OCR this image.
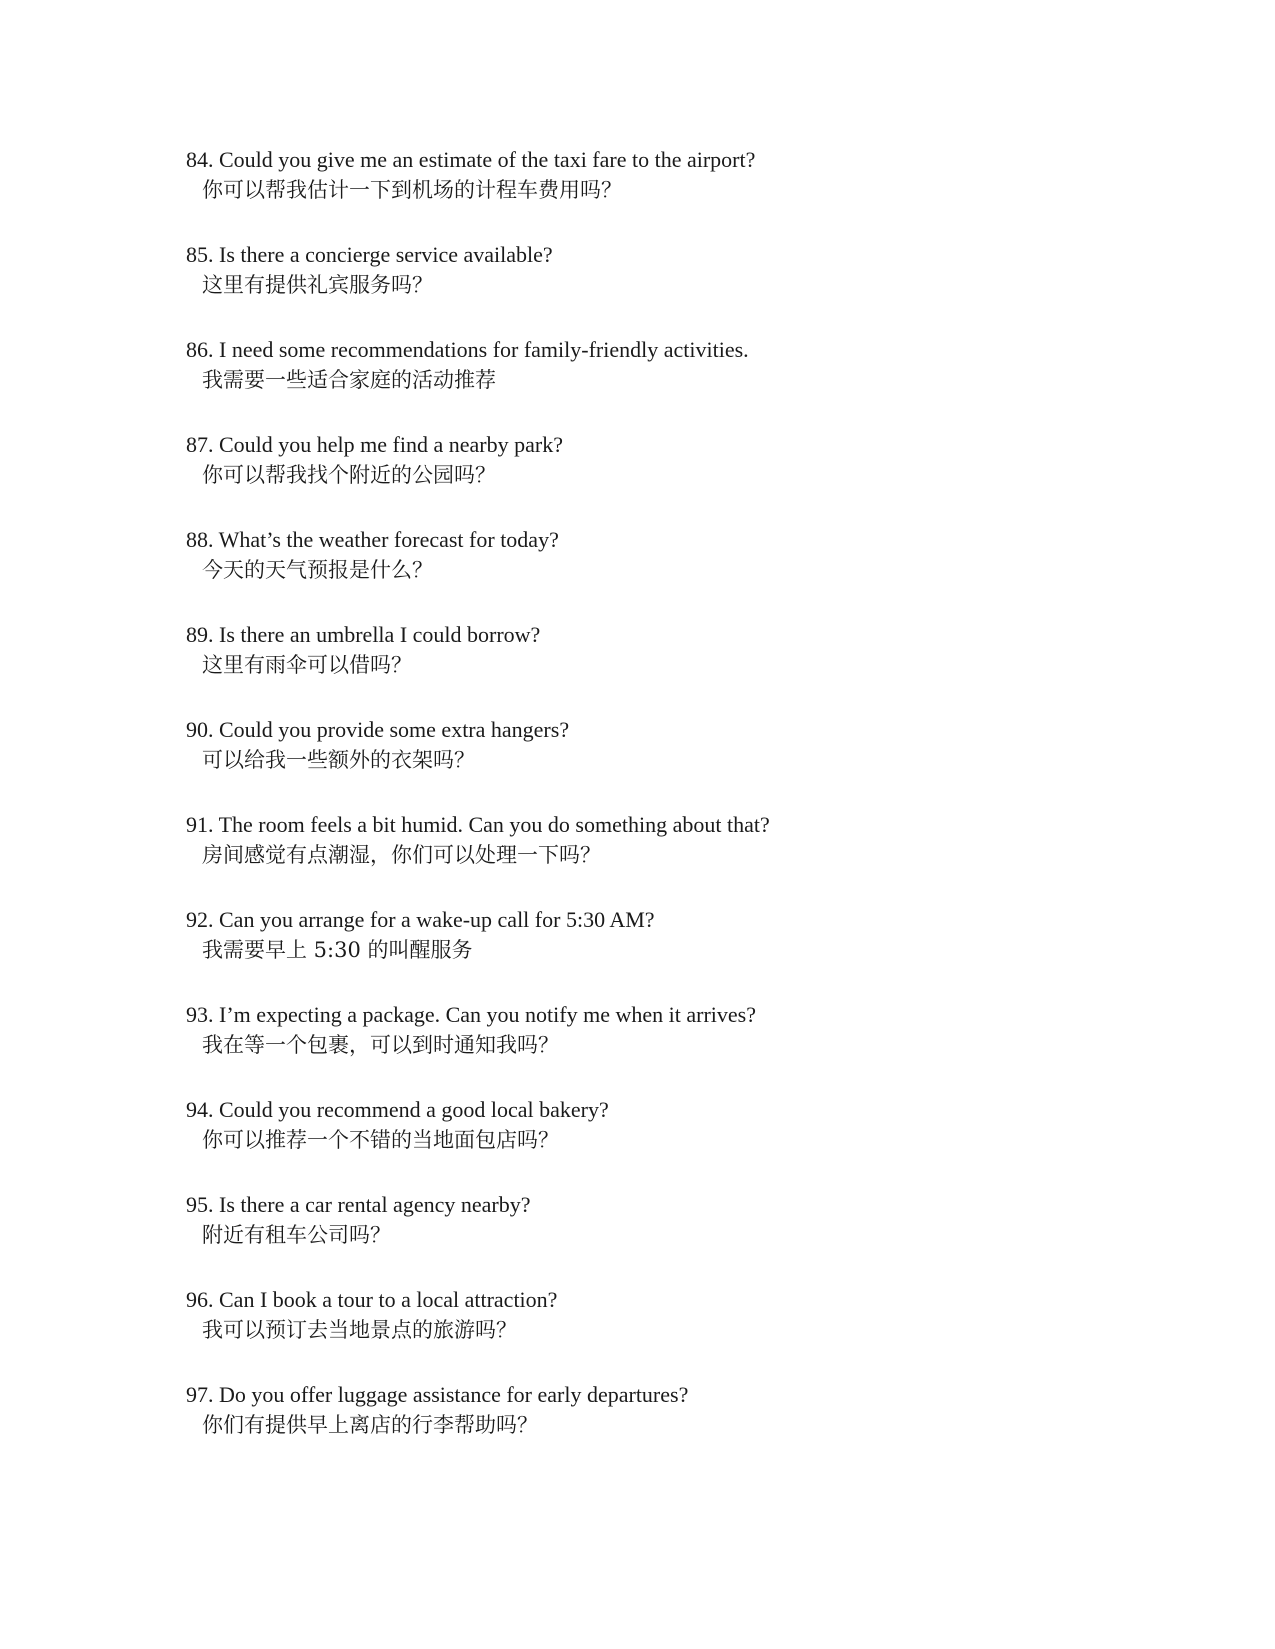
84. Could you give me an estimate of the taxi fare to the airport?
你可以帮我估计一下到机场的计程车费用吗？
85. Is there a concierge service available?
这里有提供礼宾服务吗？
86. I need some recommendations for family-friendly activities.
我需要一些适合家庭的活动推荐
87. Could you help me find a nearby park?
你可以帮我找个附近的公园吗？
88. What’s the weather forecast for today?
今天的天气预报是什么？
89. Is there an umbrella I could borrow?
这里有雨伞可以借吗？
90. Could you provide some extra hangers?
可以给我一些额外的衣架吗？
91. The room feels a bit humid. Can you do something about that?
房间感觉有点潮湿，你们可以处理一下吗？
92. Can you arrange for a wake-up call for 5:30 AM?
我需要早上 5:30 的叫醒服务
93. I’m expecting a package. Can you notify me when it arrives?
我在等一个包裹，可以到时通知我吗？
94. Could you recommend a good local bakery?
你可以推荐一个不错的当地面包店吗？
95. Is there a car rental agency nearby?
附近有租车公司吗？
96. Can I book a tour to a local attraction?
我可以预订去当地景点的旅游吗？
97. Do you offer luggage assistance for early departures?
你们有提供早上离店的行李帮助吗？
